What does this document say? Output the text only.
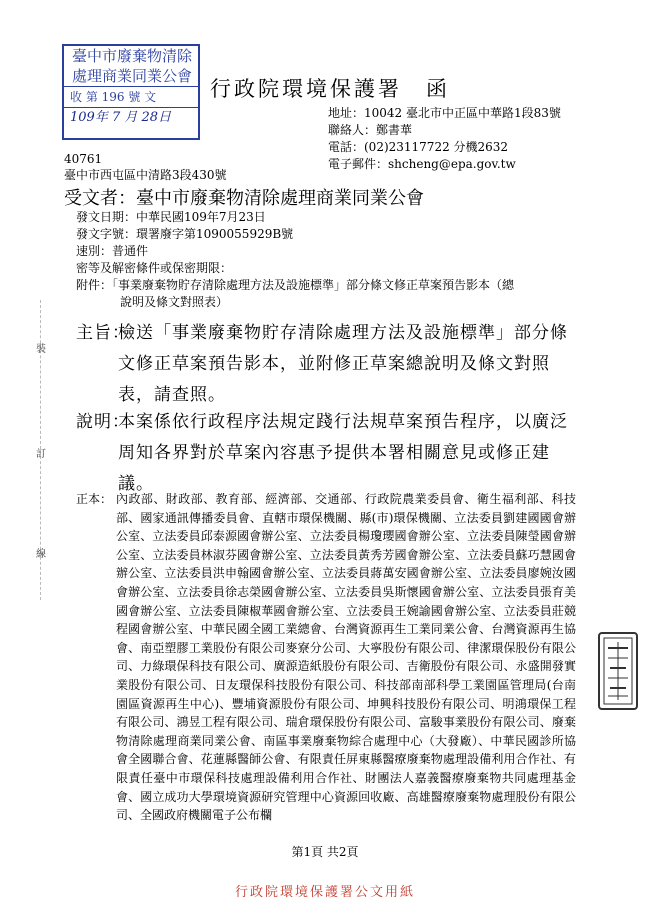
臺中市廢棄物清除
處理商業同業公會
收 第 196 號 文
109年 7 月 28日
行政院環境保護署　函
地址：10042 臺北市中正區中華路1段83號
聯絡人：鄭書華
電話：(02)23117722 分機2632
電子郵件：shcheng@epa.gov.tw
40761
臺中市西屯區中清路3段430號
受文者：臺中市廢棄物清除處理商業同業公會
發文日期：中華民國109年7月23日
發文字號：環署廢字第1090055929B號
速別：普通件
密等及解密條件或保密期限：
附件：「事業廢棄物貯存清除處理方法及設施標準」部分條文修正草案預告影本（總
說明及條文對照表）
主旨：
檢送「事業廢棄物貯存清除處理方法及設施標準」部分條
文修正草案預告影本，並附修正草案總說明及條文對照
表，請查照。
說明：
本案係依行政程序法規定踐行法規草案預告程序，以廣泛
周知各界對於草案內容惠予提供本署相關意見或修正建
議。
正本： 內政部、財政部、教育部、經濟部、交通部、行政院農業委員會、衛生福利部、科技部、國家通訊傳播委員會、直轄市環保機關、縣(市)環保機關、立法委員劉建國國會辦公室、立法委員邱泰源國會辦公室、立法委員楊瓊瓔國會辦公室、立法委員陳瑩國會辦公室、立法委員林淑芬國會辦公室、立法委員黃秀芳國會辦公室、立法委員蘇巧慧國會辦公室、立法委員洪申翰國會辦公室、立法委員蔣萬安國會辦公室、立法委員廖婉汝國會辦公室、立法委員徐志榮國會辦公室、立法委員吳斯懷國會辦公室、立法委員張育美國會辦公室、立法委員陳椒華國會辦公室、立法委員王婉諭國會辦公室、立法委員莊競程國會辦公室、中華民國全國工業總會、台灣資源再生工業同業公會、台灣資源再生協會、南亞塑膠工業股份有限公司麥寮分公司、大寧股份有限公司、律潔環保股份有限公司、力綠環保科技有限公司、廣源造紙股份有限公司、吉衛股份有限公司、永盛開發實業股份有限公司、日友環保科技股份有限公司、科技部南部科學工業園區管理局(台南園區資源再生中心)、豐埔資源股份有限公司、坤興科技股份有限公司、明鴻環保工程有限公司、鴻昱工程有限公司、瑞倉環保股份有限公司、富駿事業股份有限公司、廢棄物清除處理商業同業公會、南區事業廢棄物綜合處理中心（大發廠）、中華民國診所協會全國聯合會、花蓮縣醫師公會、有限責任屏東縣醫療廢棄物處理設備利用合作社、有限責任臺中市環保科技處理設備利用合作社、財團法人嘉義醫療廢棄物共同處理基金會、國立成功大學環境資源研究管理中心資源回收廠、高雄醫療廢棄物處理股份有限公司、全國政府機關電子公布欄
裝
訂
線
第1頁 共2頁
行政院環境保護署公文用紙
